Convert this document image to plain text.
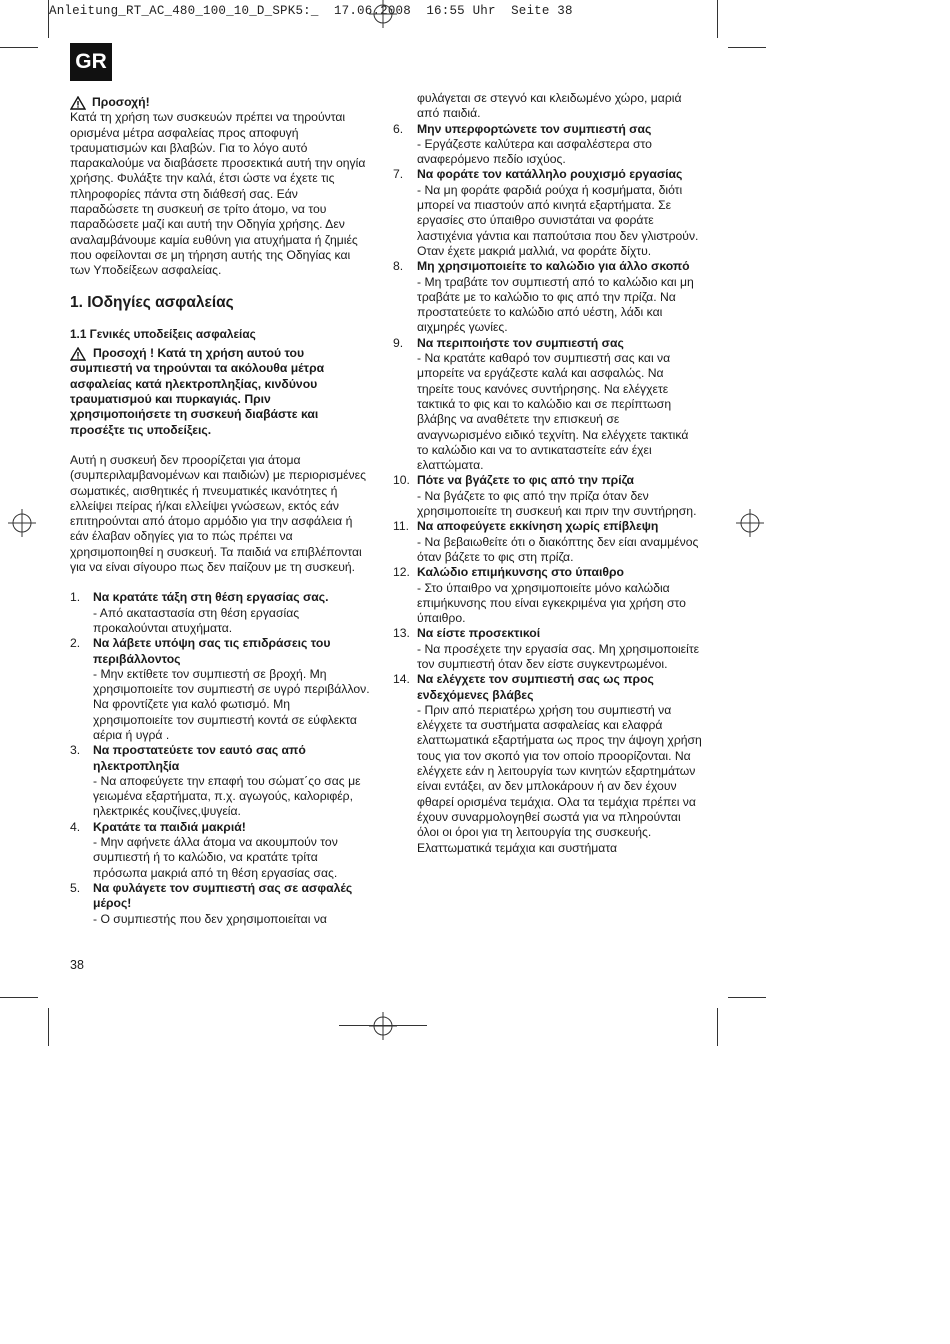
Anleitung_RT_AC_480_100_10_D_SPK5:_  17.06.2008  16:55 Uhr  Seite 38
GR
Προσοχή!

Κατά τη χρήση των συσκευών πρέπει να τηρούνται ορισμένα μέτρα ασφαλείας προς αποφυγή τραυματισμών και βλαβών. Για το λόγο αυτό παρακαλούμε να διαβάσετε προσεκτικά αυτή την οηγία χρήσης. Φυλάξτε την καλά, έτσι ώστε να έχετε τις πληροφορίες πάντα στη διάθεσή σας. Εάν παραδώσετε τη συσκευή σε τρίτο άτομο, να του παραδώσετε μαζί και αυτή την Οδηγία χρήσης. Δεν αναλαμβάνουμε καμία ευθύνη για ατυχήματα ή ζημιές που οφείλονται σε μη τήρηση αυτής της Οδηγίας και των Υποδείξεων ασφαλείας.

1. ΙΟδηγίες ασφαλείας
1.1 Γενικές υποδείξεις ασφαλείας

Προσοχή ! Κατά τη χρήση αυτού του συμπιεστή να τηρούνται τα ακόλουθα μέτρα ασφαλείας κατά ηλεκτροπληξίας, κινδύνου τραυματισμού και πυρκαγιάς. Πριν χρησιμοποιήσετε τη συσκευή διαβάστε και προσέξτε τις υποδείξεις.

Αυτή η συσκευή δεν προορίζεται για άτομα (συμπεριλαμβανομένων και παιδιών) με περιορισμένες σωματικές, αισθητικές ή πνευματικές ικανότητες ή ελλείψει πείρας ή/και ελλείψει γνώσεων, εκτός εάν επιτηρούνται από άτομο αρμόδιο για την ασφάλεια ή εάν έλαβαν οδηγίες για το πώς πρέπει να χρησιμοποιηθεί η συσκευή. Τα παιδιά να επιβλέπονται για να είναι σίγουρο πως δεν παίζουν με τη συσκευή.

1.	Να κρατάτε τάξη στη θέση εργασίας σας.
- Από ακαταστασία στη θέση εργασίας προκαλούνται ατυχήματα.
2.	Να λάβετε υπόψη σας τις επιδράσεις του περιβάλλοντος
- Μην εκτίθετε τον συμπιεστή σε βροχή. Μη χρησιμοποιείτε τον συμπιεστή σε υγρό περιβάλλον. Να φροντίζετε για καλό φωτισμό. Μη χρησιμοποιείτε τον συμπιεστή κοντά σε εύφλεκτα αέρια ή υγρά .
3.	Να προστατεύετε τον εαυτό σας από ηλεκτροπληξία
- Να αποφεύγετε την επαφή του σώματ΄ςο σας με γειωμένα εξαρτήματα, π.χ. αγωγούς, καλοριφέρ, ηλεκτρικές κουζίνες,ψυγεία.
4.	Κρατάτε τα παιδιά μακριά!
- Μην αφήνετε άλλα άτομα να ακουμπούν τον συμπιεστή ή το καλώδιο, να κρατάτε τρίτα πρόσωπα μακριά από τη θέση εργασίας σας.
5.	Να φυλάγετε τον συμπιεστή σας σε ασφαλές μέρος!
- Ο συμπιεστής που δεν χρησιμοποιείται να

φυλάγεται σε στεγνό και κλειδωμένο χώρο, μαριά από παιδιά.

6.	Μην υπερφορτώνετε τον συμπιεστή σας
- Εργάζεστε καλύτερα και ασφαλέστερα στο αναφερόμενο πεδίο ισχύος.
7.	Να φοράτε τον κατάλληλο ρουχισμό εργασίας
- Να μη φοράτε φαρδιά ρούχα ή κοσμήματα, διότι μπορεί να πιαστούν από κινητά εξαρτήματα. Σε εργασίες στο ύπαιθρο συνιστάται να φοράτε λαστιχένια γάντια και παπούτσια που δεν γλιστρούν. Οταν έχετε μακριά μαλλιά, να φοράτε δίχτυ.
8.	Μη χρησιμοποιείτε το καλώδιο για άλλο σκοπό
- Μη τραβάτε τον συμπιεστή από το καλώδιο και μη τραβάτε με το καλώδιο το φις από την πρίζα. Να προστατεύετε το καλώδιο από υέστη, λάδι και αιχμηρές γωνίες.
9.	Να περιποιήστε τον συμπιεστή σας
- Να κρατάτε καθαρό τον συμπιεστή σας και να μπορείτε να εργάζεστε καλά και ασφαλώς. Να τηρείτε τους κανόνες συντήρησης. Να ελέγχετε τακτικά το φις και το καλώδιο και σε περίπτωση βλάβης να αναθέτετε την επισκευή σε αναγνωρισμένο ειδικό τεχνίτη. Να ελέγχετε τακτικά το καλώδιο και να το αντικαταστείτε εάν έχει ελαττώματα.
10. Πότε να βγάζετε το φις από την πρίζα
- Να βγάζετε το φις από την πρίζα όταν δεν χρησιμοποιείτε τη συσκευή και πριν την συντήρηση.
11. Να αποφεύγετε εκκίνηση χωρίς επίβλεψη
- Να βεβαιωθείτε ότι ο διακόπτης δεν είαι αναμμένος όταν βάζετε το φις στη πρίζα.
12. Καλώδιο επιμήκυνσης στο ύπαιθρο
- Στο ύπαιθρο να χρησιμοποιείτε μόνο καλώδια επιμήκυνσης που είναι εγκεκριμένα για χρήση στο ύπαιθρο.
13. Να είστε προσεκτικοί
- Να προσέχετε την εργασία σας. Μη χρησιμοποιείτε τον συμπιεστή όταν δεν είστε συγκεντρωμένοι.
14. Να ελέγχετε τον συμπιεστή σας ως προς ενδεχόμενες βλάβες
- Πριν από περιατέρω χρήση του συμπιεστή να ελέγχετε τα συστήματα ασφαλείας και ελαφρά ελαττωματικά εξαρτήματα ως προς την άψογη χρήση τους για τον σκοπό για τον οποίο προορίζονται. Να ελέγχετε εάν η λειτουργία των κινητών εξαρτημάτων είναι εντάξει, αν δεν μπλοκάρουν ή αν δεν έχουν φθαρεί ορισμένα τεμάχια. Ολα τα τεμάχια πρέπει να έχουν συναρμολογηθεί σωστά για να πληρούνται όλοι οι όροι για τη λειτουργία της συσκευής. Ελαττωματικά τεμάχια και συστήματα
38
